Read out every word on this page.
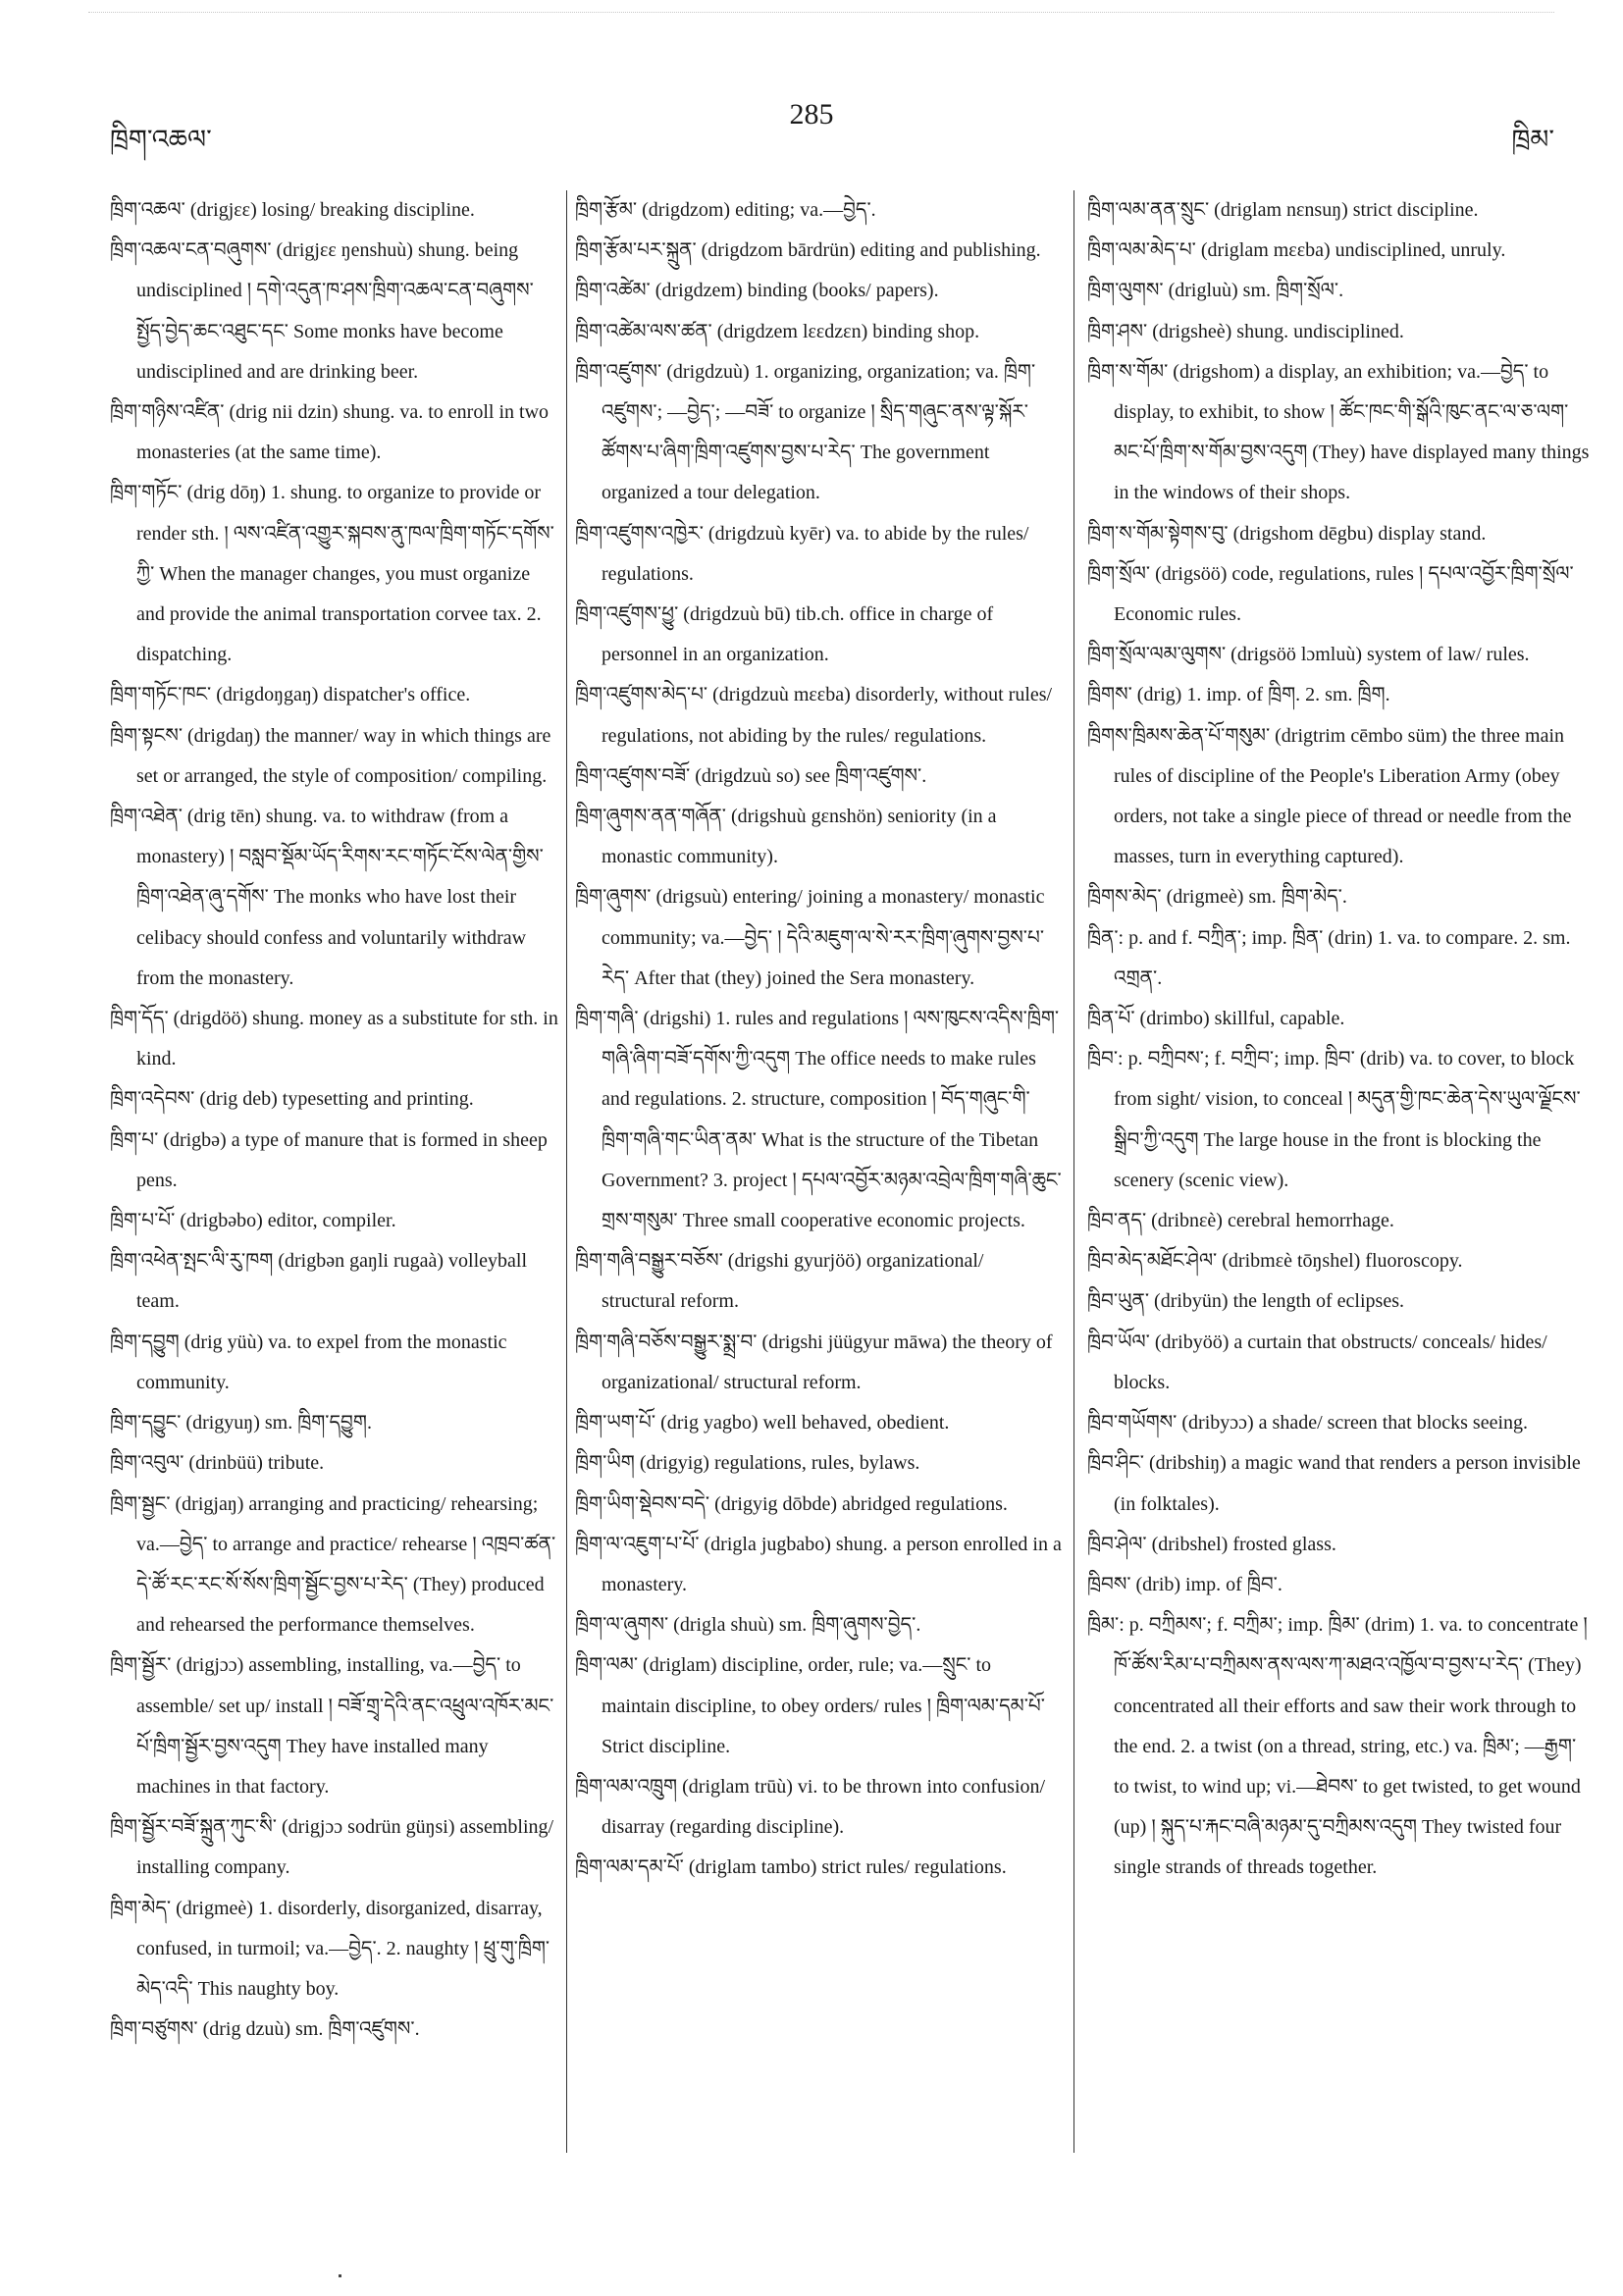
ཁྲིག་འཆལ་
285
ཁྲིམ་

ཁྲིག་འཆལ་ (drigjɛɛ) losing/ breaking discipline.

ཁྲིག་འཆལ་ངན་བཞུགས་ (drigjɛɛ ŋenshuù) shung. being undisciplined ། དགེ་འདུན་ཁ་ཤས་ཁྲིག་འཆལ་ངན་བཞུགས་སྤྱོད་བྱེད་ཆང་འཐུང་དང་ Some monks have become undisciplined and are drinking beer.

ཁྲིག་གཉིས་འཛིན་ (drig nii dzin) shung. va. to enroll in two monasteries (at the same time).

ཁྲིག་གཏོང་ (drig dōŋ) 1. shung. to organize to provide or render sth. ། ལས་འཛིན་འགྱུར་སྐབས་ནུ་ཁལ་ཁྲིག་གཏོང་དགོས་ཀྱི་ When the manager changes, you must organize and provide the animal transportation corvee tax. 2. dispatching.

ཁྲིག་གཏོང་ཁང་ (drigdoŋgaŋ) dispatcher's office.

ཁྲིག་སྟངས་ (drigdaŋ) the manner/ way in which things are set or arranged, the style of composition/ compiling.

ཁྲིག་འཐེན་ (drig tēn) shung. va. to withdraw (from a monastery) ། བསླབ་སྡོམ་ཡོད་རིགས་རང་གཏོང་ངོས་ལེན་གྱིས་ཁྲིག་འཐེན་ཞུ་དགོས་ The monks who have lost their celibacy should confess and voluntarily withdraw from the monastery.

ཁྲིག་དོད་ (drigdöö) shung. money as a substitute for sth. in kind.

ཁྲིག་འདེབས་ (drig deb) typesetting and printing.

ཁྲིག་པ་ (drigbə) a type of manure that is formed in sheep pens.

ཁྲིག་པ་པོ་ (drigbəbo) editor, compiler.

ཁྲིག་འཕེན་སྤང་ལི་རུ་ཁག (drigbən gaŋli rugaà) volleyball team.

ཁྲིག་དབྱུག (drig yüù) va. to expel from the monastic community.

ཁྲིག་དབྱུང་ (drigyuŋ) sm. ཁྲིག་དབྱུག.

ཁྲིག་འབུལ་ (drinbüü) tribute.

ཁྲིག་སྦྱང་ (drigjaŋ) arranging and practicing/ rehearsing; va.—བྱེད་ to arrange and practice/ rehearse ། འཁྲབ་ཚན་དེ་ཚོ་རང་རང་སོ་སོས་ཁྲིག་སྦྱོང་བྱས་པ་རེད་ (They) produced and rehearsed the performance themselves.

ཁྲིག་སྦྱོར་ (drigjɔɔ) assembling, installing, va.—བྱེད་ to assemble/ set up/ install ། བཟོ་གྲྭ་དེའི་ནང་འཕྲུལ་འཁོར་མང་པོ་ཁྲིག་སྦྱོར་བྱས་འདུག They have installed many machines in that factory.

ཁྲིག་སྦྱོར་བཟོ་སྐྲུན་ཀུང་སི་ (drigjɔɔ sodrün güŋsi) assembling/ installing company.

ཁྲིག་མེད་ (drigmeè) 1. disorderly, disorganized, disarray, confused, in turmoil; va.—བྱེད་. 2. naughty ། ཕྲུ་གུ་ཁྲིག་མེད་འདི་ This naughty boy.

ཁྲིག་བཙུགས་ (drig dzuù) sm. ཁྲིག་འཛུགས་.

ཁྲིག་རྩོམ་ (drigdzom) editing; va.—བྱེད་.

ཁྲིག་རྩོམ་པར་སྐྲུན་ (drigdzom bārdrün) editing and publishing.

ཁྲིག་འཚེམ་ (drigdzem) binding (books/ papers).

ཁྲིག་འཚེམ་ལས་ཚན་ (drigdzem lɛɛdzɛn) binding shop.

ཁྲིག་འཛུགས་ (drigdzuù) 1. organizing, organization; va. ཁྲིག་འཛུགས་; —བྱེད་; —བཟོ་ to organize ། སྲིད་གཞུང་ནས་ལྟ་སྐོར་ཚོགས་པ་ཞིག་ཁྲིག་འཛུགས་བྱས་པ་རེད་ The government organized a tour delegation.

ཁྲིག་འཛུགས་འཁྱེར་ (drigdzuù kyēr) va. to abide by the rules/ regulations.

ཁྲིག་འཛུགས་ཕྱུ་ (drigdzuù bū) tib.ch. office in charge of personnel in an organization.

ཁྲིག་འཛུགས་མེད་པ་ (drigdzuù mɛɛba) disorderly, without rules/ regulations, not abiding by the rules/ regulations.

ཁྲིག་འཛུགས་བཟོ་ (drigdzuù so) see ཁྲིག་འཛུགས་.

ཁྲིག་ཞུགས་ནན་གཞོན་ (drigshuù gɛnshön) seniority (in a monastic community).

ཁྲིག་ཞུགས་ (drigsuù) entering/ joining a monastery/ monastic community; va.—བྱེད་ ། དེའི་མཇུག་ལ་སེ་རར་ཁྲིག་ཞུགས་བྱས་པ་རེད་ After that (they) joined the Sera monastery.

ཁྲིག་གཞི་ (drigshi) 1. rules and regulations ། ལས་ཁུངས་འདིས་ཁྲིག་གཞི་ཞིག་བཟོ་དགོས་ཀྱི་འདུག The office needs to make rules and regulations. 2. structure, composition ། བོད་གཞུང་གི་ཁྲིག་གཞི་གང་ཡིན་ནམ་ What is the structure of the Tibetan Government? 3. project ། དཔལ་འབྱོར་མཉམ་འབྲེལ་ཁྲིག་གཞི་ཆུང་གྲས་གསུམ་ Three small cooperative economic projects.

ཁྲིག་གཞི་བསྒྱུར་བཅོས་ (drigshi gyurjöö) organizational/ structural reform.

ཁྲིག་གཞི་བཅོས་བསྒྱུར་སྨྲ་བ་ (drigshi jüügyur māwa) the theory of organizational/ structural reform.

ཁྲིག་ཡག་པོ་ (drig yagbo) well behaved, obedient.

ཁྲིག་ཡིག (drigyig) regulations, rules, bylaws.

ཁྲིག་ཡིག་སྡེབས་བདེ་ (drigyig dōbde) abridged regulations.

ཁྲིག་ལ་འཇུག་པ་པོ་ (drigla jugbabo) shung. a person enrolled in a monastery.

ཁྲིག་ལ་ཞུགས་ (drigla shuù) sm. ཁྲིག་ཞུགས་བྱེད་.

ཁྲིག་ལམ་ (driglam) discipline, order, rule; va.—སྲུང་ to maintain discipline, to obey orders/ rules ། ཁྲིག་ལམ་དམ་པོ་ Strict discipline.

ཁྲིག་ལམ་འཁྲུག (driglam trūù) vi. to be thrown into confusion/ disarray (regarding discipline).

ཁྲིག་ལམ་དམ་པོ་ (driglam tambo) strict rules/ regulations.

ཁྲིག་ལམ་ནན་སྲུང་ (driglam nɛnsuŋ) strict discipline.

ཁྲིག་ལམ་མེད་པ་ (driglam mɛɛba) undisciplined, unruly.

ཁྲིག་ལུགས་ (drigluù) sm. ཁྲིག་སྲོལ་.

ཁྲིག་ཤས་ (drigsheè) shung. undisciplined.

ཁྲིག་ས་གོམ་ (drigshom) a display, an exhibition; va.—བྱེད་ to display, to exhibit, to show ། ཚོང་ཁང་གི་སྒོའི་ཁུང་ནང་ལ་ཅ་ལག་མང་པོ་ཁྲིག་ས་གོམ་བྱས་འདུག (They) have displayed many things in the windows of their shops.

ཁྲིག་ས་གོམ་སྟེགས་བུ་ (drigshom dēgbu) display stand.

ཁྲིག་སྲོལ་ (drigsöö) code, regulations, rules ། དཔལ་འབྱོར་ཁྲིག་སྲོལ་ Economic rules.

ཁྲིག་སྲོལ་ལམ་ལུགས་ (drigsöö lɔmluù) system of law/ rules.

ཁྲིགས་ (drig) 1. imp. of ཁྲིག. 2. sm. ཁྲིག.

ཁྲིགས་ཁྲིམས་ཆེན་པོ་གསུམ་ (drigtrim cēmbo süm) the three main rules of discipline of the People's Liberation Army (obey orders, not take a single piece of thread or needle from the masses, turn in everything captured).

ཁྲིགས་མེད་ (drigmeè) sm. ཁྲིག་མེད་.

ཁྲིན་: p. and f. བཀྲིན་; imp. ཁྲིན་ (drin) 1. va. to compare. 2. sm. འགྲན་.

ཁྲིན་པོ་ (drimbo) skillful, capable.

ཁྲིབ་: p. བཀྲིབས་; f. བཀྲིབ་; imp. ཁྲིབ་ (drib) va. to cover, to block from sight/ vision, to conceal ། མདུན་གྱི་ཁང་ཆེན་དེས་ཡུལ་ལྗོངས་སྒྲིབ་ཀྱི་འདུག The large house in the front is blocking the scenery (scenic view).

ཁྲིབ་ནད་ (dribnɛè) cerebral hemorrhage.

ཁྲིབ་མེད་མཐོང་ཤེལ་ (dribmɛè tōŋshel) fluoroscopy.

ཁྲིབ་ཡུན་ (dribyün) the length of eclipses.

ཁྲིབ་ཡོལ་ (dribyöö) a curtain that obstructs/ conceals/ hides/ blocks.

ཁྲིབ་གཡོགས་ (dribyɔɔ) a shade/ screen that blocks seeing.

ཁྲིབ་ཤིང་ (dribshiŋ) a magic wand that renders a person invisible (in folktales).

ཁྲིབ་ཤེལ་ (dribshel) frosted glass.

ཁྲིབས་ (drib) imp. of ཁྲིབ་.

ཁྲིམ་: p. བཀྲིམས་; f. བཀྲིམ་; imp. ཁྲིམ་ (drim) 1. va. to concentrate ། ཁོ་ཚོས་རིམ་པ་བཀྲིམས་ནས་ལས་ཀ་མཐའ་འཁྱོལ་བ་བྱས་པ་རེད་ (They) concentrated all their efforts and saw their work through to the end. 2. a twist (on a thread, string, etc.) va. ཁྲིམ་; —རྒྱག་ to twist, to wind up; vi.—ཐེབས་ to get twisted, to get wound (up) ། སྐུད་པ་རྐང་བཞི་མཉམ་དུ་བཀྲིམས་འདུག They twisted four single strands of threads together.
